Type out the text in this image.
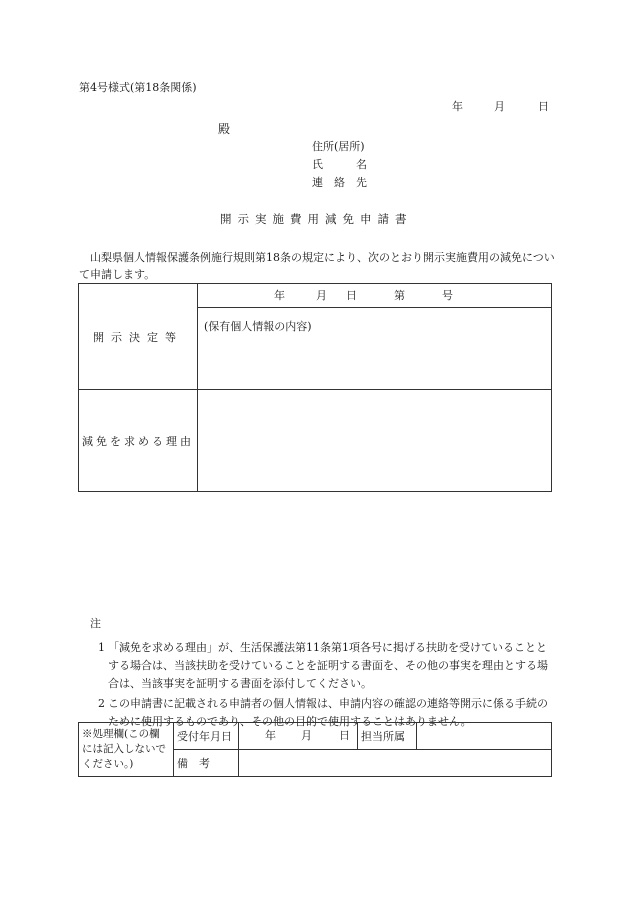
第4号様式(第18条関係)
年	月	日
殿
住所(居所)
氏　　　名
連　絡　先
開示実施費用減免申請書
　山梨県個人情報保護条例施行規則第18条の規定により、次のとおり開示実施費用の減免について申請します。
開示決定等	年 月 日 第 号

	(保有個人情報の内容)
減免を求める理由	
注
1 「減免を求める理由」が、生活保護法第11条第1項各号に掲げる扶助を受けていることとする場合は、当該扶助を受けていることを証明する書面を、その他の事実を理由とする場合は、当該事実を証明する書面を添付してください。
2 この申請書に記載される申請者の個人情報は、申請内容の確認の連絡等開示に係る手続のために使用するものであり、その他の目的で使用することはありません。
※処理欄(この欄には記入しないでください。)	受付年月日	年 月 日	担当所属	
	備　考			
